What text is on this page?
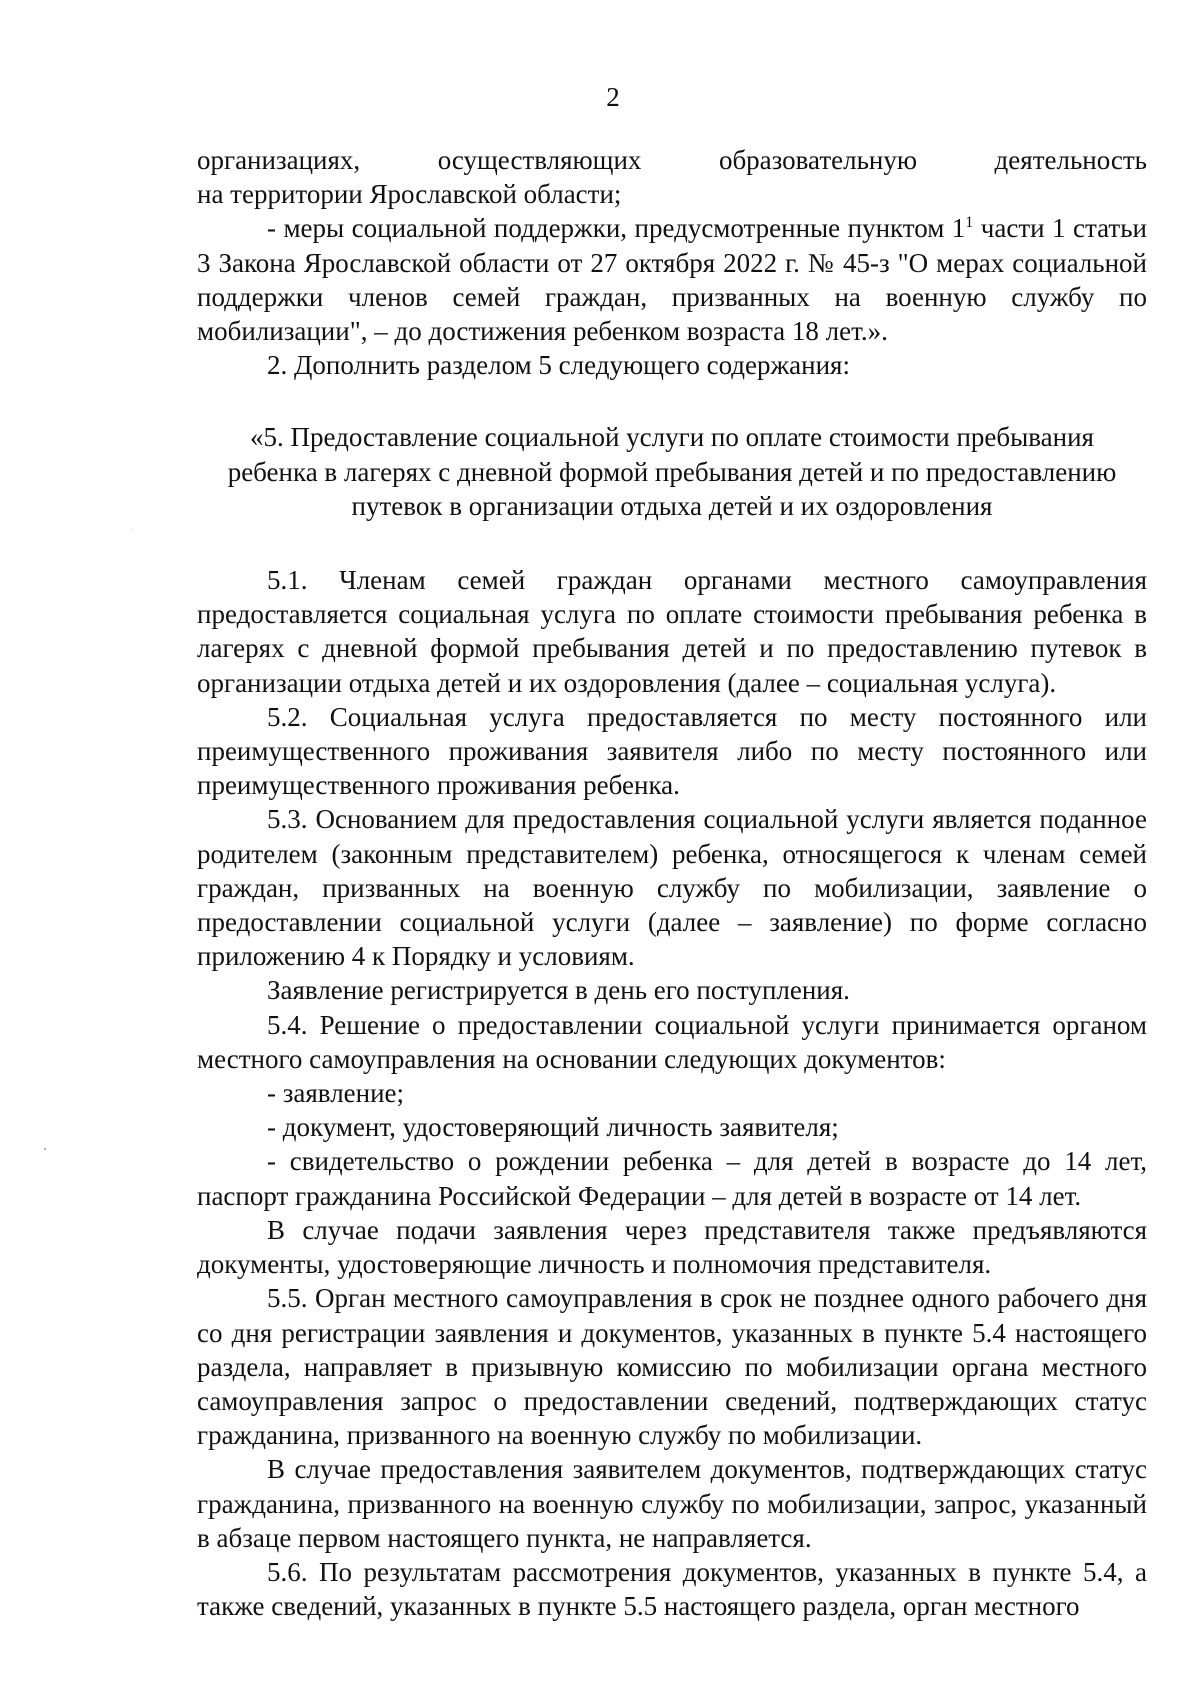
2

организациях, осуществляющих образовательную деятельность

на территории Ярославской области;

- меры социальной поддержки, предусмотренные пунктом $1^1$ части 1 статьи 3 Закона Ярославской области от 27 октября 2022 г. № 45-з "О мерах социальной поддержки членов семей граждан, призванных на военную службу по мобилизации", – до достижения ребенком возраста 18 лет.».

2. Дополнить разделом 5 следующего содержания:

«5. Предоставление социальной услуги по оплате стоимости пребывания
ребенка в лагерях с дневной формой пребывания детей и по предоставлению
путевок в организации отдыха детей и их оздоровления

5.1. Членам семей граждан органами местного самоуправления предоставляется социальная услуга по оплате стоимости пребывания ребенка в лагерях с дневной формой пребывания детей и по предоставлению путевок в организации отдыха детей и их оздоровления (далее – социальная услуга).

5.2. Социальная услуга предоставляется по месту постоянного или преимущественного проживания заявителя либо по месту постоянного или преимущественного проживания ребенка.

5.3. Основанием для предоставления социальной услуги является поданное родителем (законным представителем) ребенка, относящегося к членам семей граждан, призванных на военную службу по мобилизации, заявление о предоставлении социальной услуги (далее – заявление) по форме согласно приложению 4 к Порядку и условиям.

Заявление регистрируется в день его поступления.

5.4. Решение о предоставлении социальной услуги принимается органом местного самоуправления на основании следующих документов:

- заявление;

- документ, удостоверяющий личность заявителя;

- свидетельство о рождении ребенка – для детей в возрасте до 14 лет, паспорт гражданина Российской Федерации – для детей в возрасте от 14 лет.

В случае подачи заявления через представителя также предъявляются документы, удостоверяющие личность и полномочия представителя.

5.5. Орган местного самоуправления в срок не позднее одного рабочего дня со дня регистрации заявления и документов, указанных в пункте 5.4 настоящего раздела, направляет в призывную комиссию по мобилизации органа местного самоуправления запрос о предоставлении сведений, подтверждающих статус гражданина, призванного на военную службу по мобилизации.

В случае предоставления заявителем документов, подтверждающих статус гражданина, призванного на военную службу по мобилизации, запрос, указанный в абзаце первом настоящего пункта, не направляется.

5.6. По результатам рассмотрения документов, указанных в пункте 5.4, а также сведений, указанных в пункте 5.5 настоящего раздела, орган местного
